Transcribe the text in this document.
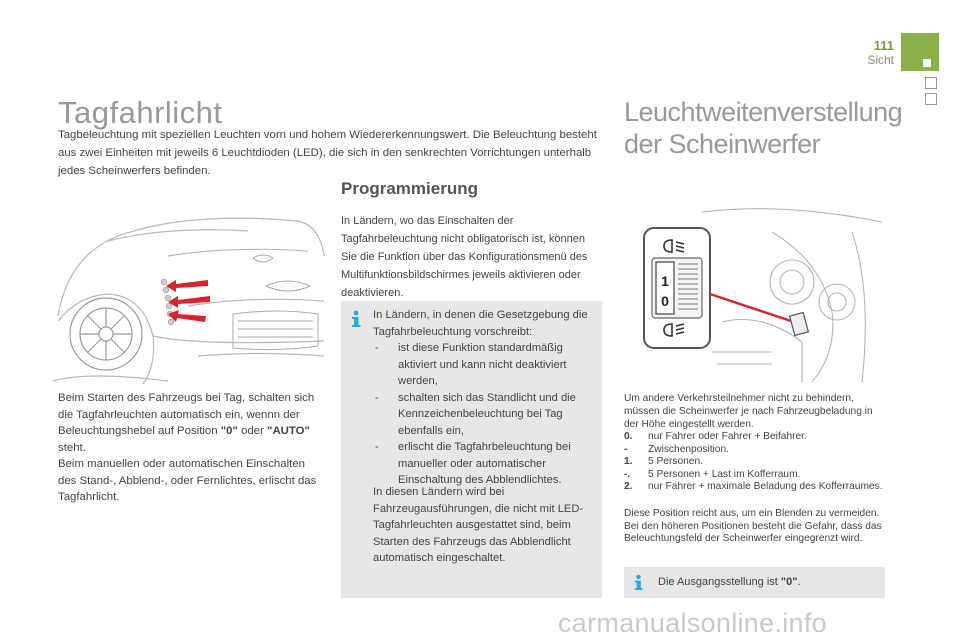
111
Sicht
Tagfahrlicht
Tagbeleuchtung mit speziellen Leuchten vorn und hohem Wiedererkennungswert. Die Beleuchtung besteht aus zwei Einheiten mit jeweils 6 Leuchtdioden (LED), die sich in den senkrechten Vorrichtungen unterhalb jedes Scheinwerfers befinden.
Beim Starten des Fahrzeugs bei Tag, schalten sich die Tagfahrleuchten automatisch ein, wennn der Beleuchtungshebel auf Position "0" oder "AUTO" steht.
Beim manuellen oder automatischen Einschalten des Stand-, Abblend-, oder Fernlichtes, erlischt das Tagfahrlicht.
Programmierung
In Ländern, wo das Einschalten der Tagfahrbeleuchtung nicht obligatorisch ist, können Sie die Funktion über das Konfigurationsmenü des Multifunktionsbildschirmes jeweils aktivieren oder deaktivieren.
In Ländern, in denen die Gesetzgebung die Tagfahrbeleuchtung vorschreibt:
- ist diese Funktion standardmäßig aktiviert und kann nicht deaktiviert werden,
- schalten sich das Standlicht und die Kennzeichenbeleuchtung bei Tag ebenfalls ein,
- erlischt die Tagfahrbeleuchtung bei manueller oder automatischer Einschaltung des Abblendlichtes.
In diesen Ländern wird bei Fahrzeugausführungen, die nicht mit LED-Tagfahrleuchten ausgestattet sind, beim Starten des Fahrzeugs das Abblendlicht automatisch eingeschaltet.
Leuchtweitenverstellung
der Scheinwerfer
1
0
Um andere Verkehrsteilnehmer nicht zu behindern, müssen die Scheinwerfer je nach Fahrzeugbeladung in der Höhe eingestellt werden.
0. nur Fahrer oder Fahrer + Beifahrer.
- Zwischenposition.
1. 5 Personen.
-. 5 Personen + Last im Kofferraum.
2. nur Fahrer + maximale Beladung des Kofferraumes.
Diese Position reicht aus, um ein Blenden zu vermeiden. Bei den höheren Positionen besteht die Gefahr, dass das Beleuchtungsfeld der Scheinwerfer eingegrenzt wird.
Die Ausgangsstellung ist "0".
carmanualsonline.info
